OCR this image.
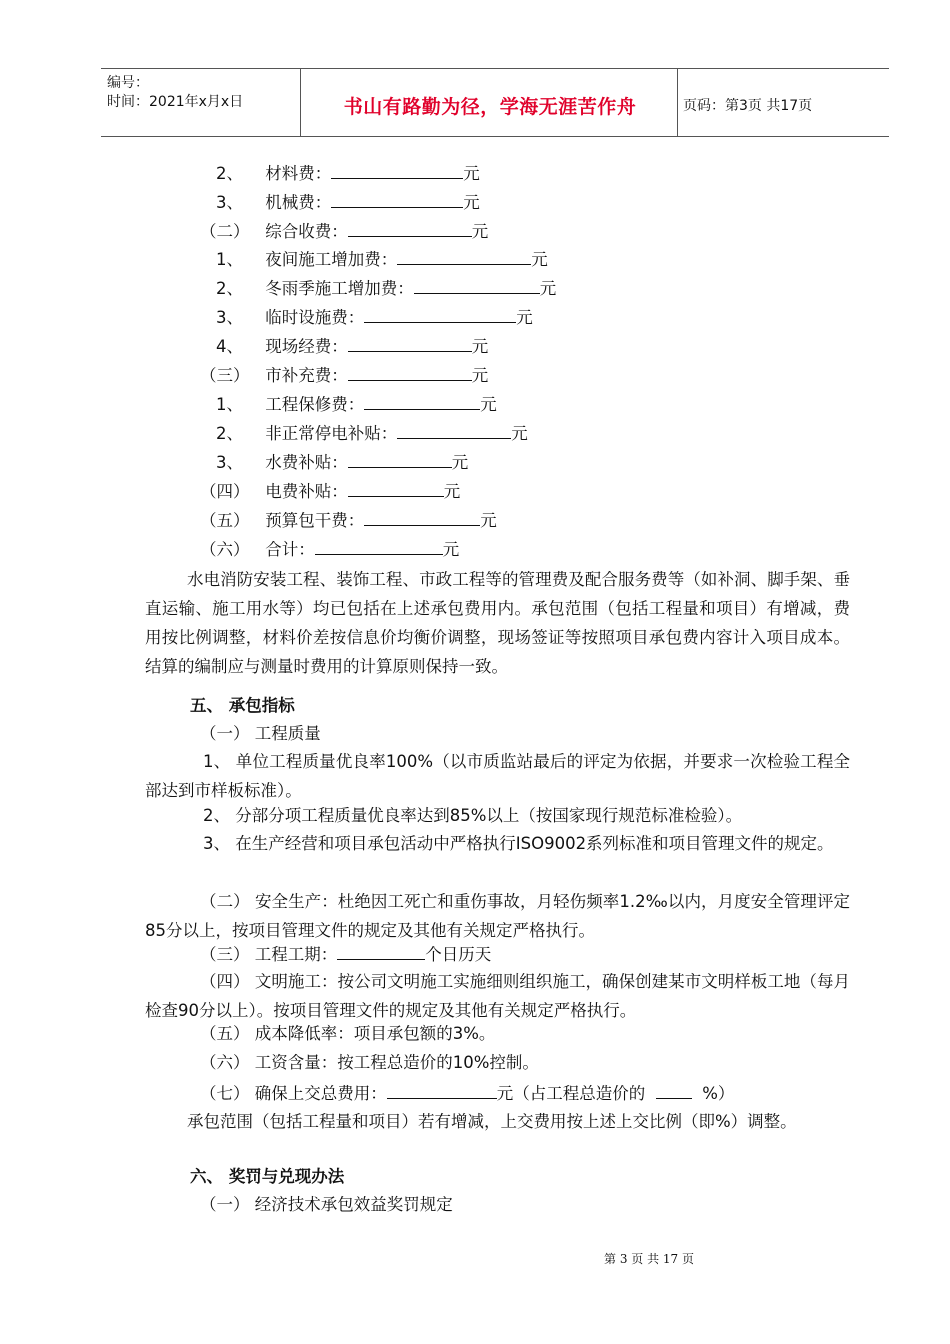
编号：
时间：2021年x月x日	书山有路勤为径，学海无涯苦作舟	页码：第3页 共17页
2、 材料费：	元
3、 机械费：	元
（二） 综合收费：	元
1、 夜间施工增加费：	元
2、 冬雨季施工增加费：	元
3、 临时设施费：	元
4、 现场经费：	元
（三） 市补充费：	元
1、 工程保修费：	元
2、 非正常停电补贴：	元
3、 水费补贴：	元
（四） 电费补贴：	元
（五） 预算包干费：	元
（六） 合计：	元
水电消防安装工程、装饰工程、市政工程等的管理费及配合服务费等（如补洞、脚手架、垂直运输、施工用水等）均已包括在上述承包费用内。承包范围（包括工程量和项目）有增减，费用按比例调整，材料价差按信息价均衡价调整，现场签证等按照项目承包费内容计入项目成本。结算的编制应与测量时费用的计算原则保持一致。
五、 承包指标
（一） 工程质量
1、 单位工程质量优良率100%（以市质监站最后的评定为依据，并要求一次检验工程全部达到市样板标准）。
2、 分部分项工程质量优良率达到85%以上（按国家现行规范标准检验）。
3、 在生产经营和项目承包活动中严格执行ISO9002系列标准和项目管理文件的规定。
（二） 安全生产：杜绝因工死亡和重伤事故，月轻伤频率1.2‰以内，月度安全管理评定85分以上，按项目管理文件的规定及其他有关规定严格执行。
（三） 工程工期：	个日历天
（四） 文明施工：按公司文明施工实施细则组织施工，确保创建某市文明样板工地（每月检查90分以上）。按项目管理文件的规定及其他有关规定严格执行。
（五） 成本降低率：项目承包额的3%。
（六） 工资含量：按工程总造价的10%控制。
（七） 确保上交总费用：	元（占工程总造价的	%）
承包范围（包括工程量和项目）若有增减，上交费用按上述上交比例（即%）调整。
六、 奖罚与兑现办法
（一） 经济技术承包效益奖罚规定
第 3 页 共 17 页
